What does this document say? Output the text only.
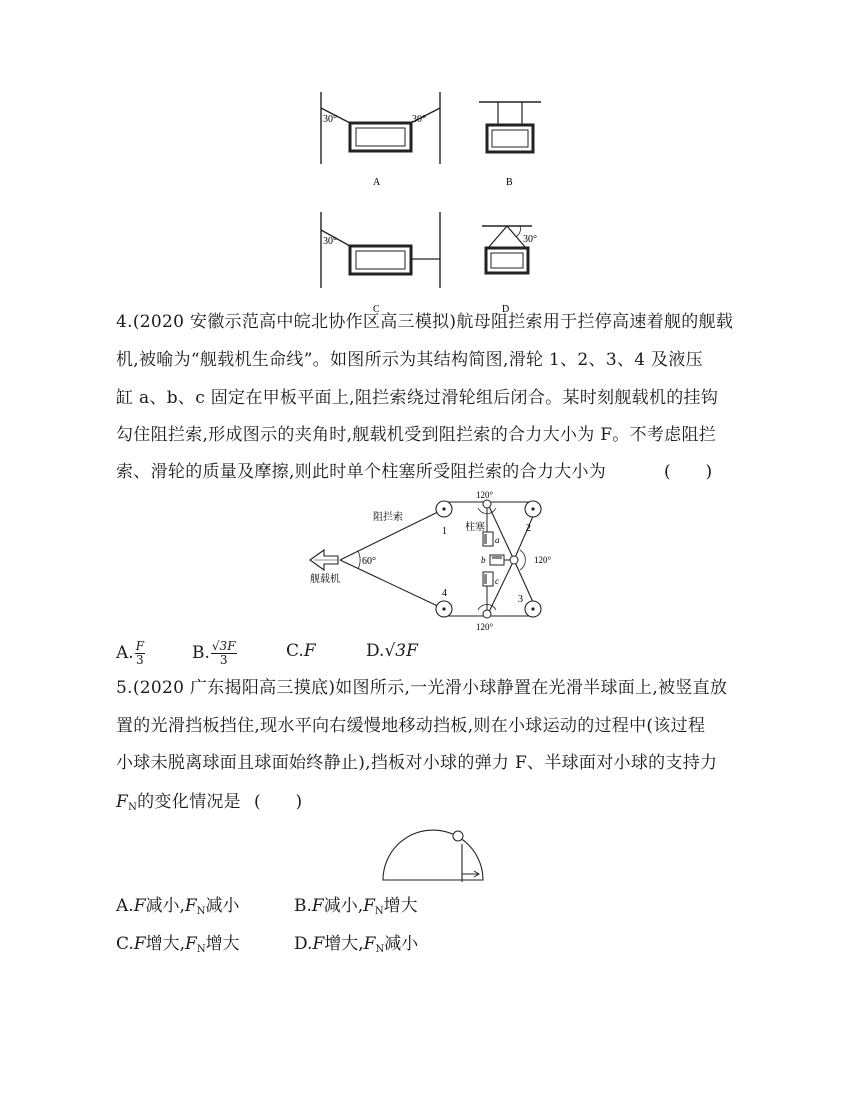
30°	30°
A	B
30°
C
30°
D
4.(2020 安徽示范高中皖北协作区高三模拟)航母阻拦索用于拦停高速着舰的舰载
机,被喻为“舰载机生命线”。如图所示为其结构简图,滑轮 1、2、3、4 及液压
缸 a、b、c 固定在甲板平面上,阻拦索绕过滑轮组后闭合。某时刻舰载机的挂钩
勾住阻拦索,形成图示的夹角时,舰载机受到阻拦索的合力大小为 F。不考虑阻拦
索、滑轮的质量及摩擦,则此时单个柱塞所受阻拦索的合力大小为	(　　)
阻拦索
舰载机
60°
120°
120°
120°
柱塞
1	2
3
4
a
b
c
A. $\frac{F}{3}$	B. $\frac{√3F}{3}$	C.F	D.√3F
5.(2020 广东揭阳高三摸底)如图所示,一光滑小球静置在光滑半球面上,被竖直放
置的光滑挡板挡住,现水平向右缓慢地移动挡板,则在小球运动的过程中(该过程
小球未脱离球面且球面始终静止),挡板对小球的弹力 F、半球面对小球的支持力
$F_N$的变化情况是 (　　)
A.F减小$,F_N$减小	B.F减小$,F_N$增大
C.F增大$,F_N$增大	D.F增大$,F_N$减小
